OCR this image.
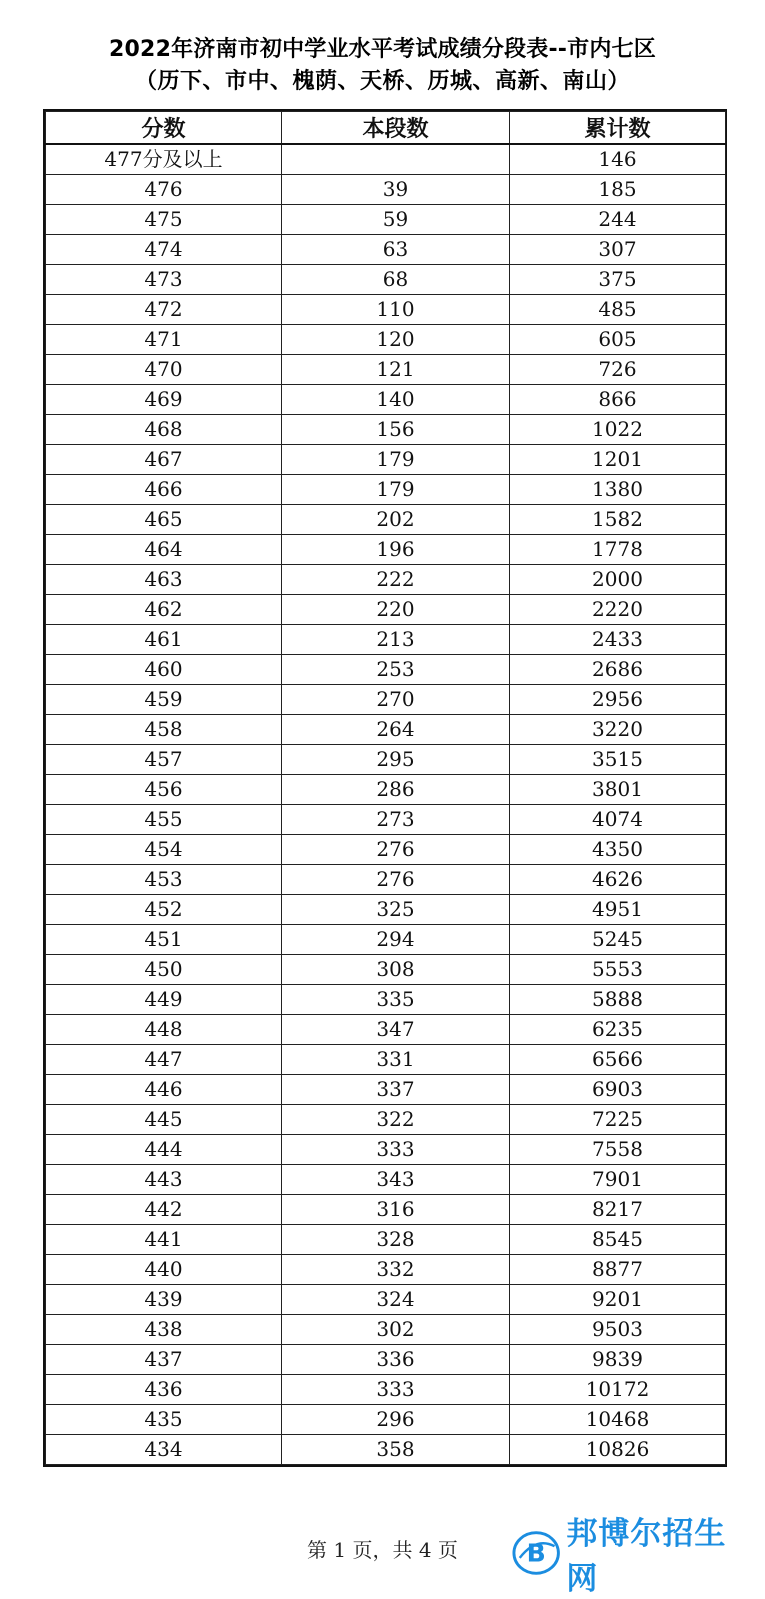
2022年济南市初中学业水平考试成绩分段表--市内七区
（历下、市中、槐荫、天桥、历城、高新、南山）
分数	本段数	累计数
477分及以上		146
476	39	185
475	59	244
474	63	307
473	68	375
472	110	485
471	120	605
470	121	726
469	140	866
468	156	1022
467	179	1201
466	179	1380
465	202	1582
464	196	1778
463	222	2000
462	220	2220
461	213	2433
460	253	2686
459	270	2956
458	264	3220
457	295	3515
456	286	3801
455	273	4074
454	276	4350
453	276	4626
452	325	4951
451	294	5245
450	308	5553
449	335	5888
448	347	6235
447	331	6566
446	337	6903
445	322	7225
444	333	7558
443	343	7901
442	316	8217
441	328	8545
440	332	8877
439	324	9201
438	302	9503
437	336	9839
436	333	10172
435	296	10468
434	358	10826
第 1 页，共 4 页	B
邦博尔招生网
